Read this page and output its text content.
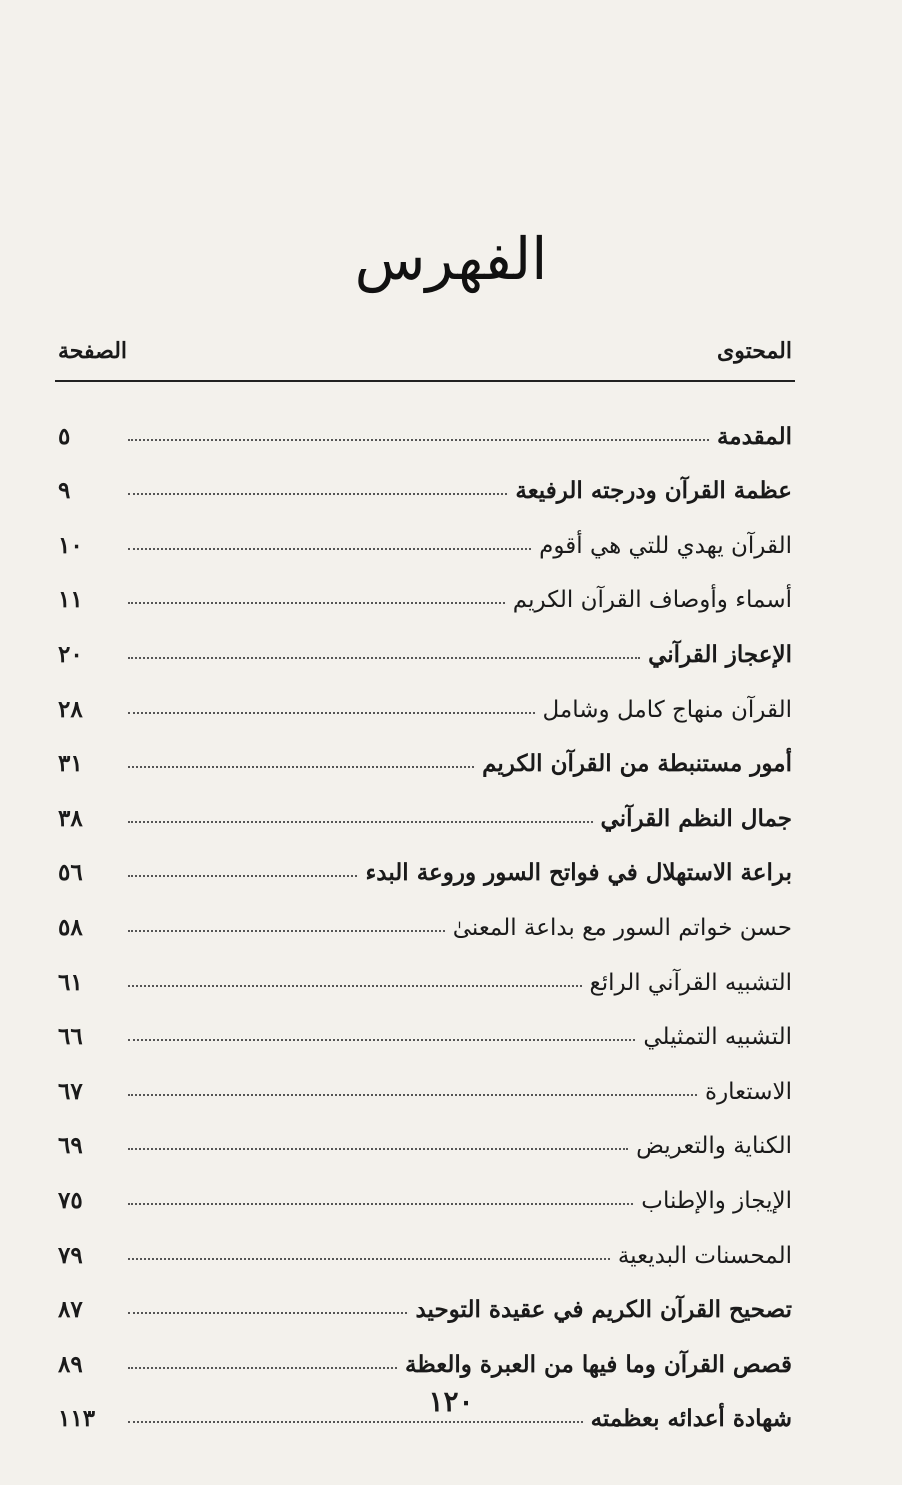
الفهرس
المحتوى
الصفحة
المقدمة
٥
عظمة القرآن ودرجته الرفيعة
٩
القرآن يهدي للتي هي أقوم
١٠
أسماء وأوصاف القرآن الكريم
١١
الإعجاز القرآني
٢٠
القرآن منهاج كامل وشامل
٢٨
أمور مستنبطة من القرآن الكريم
٣١
جمال النظم القرآني
٣٨
براعة الاستهلال في فواتح السور وروعة البدء
٥٦
حسن خواتم السور مع بداعة المعنىٰ
٥٨
التشبيه القرآني الرائع
٦١
التشبيه التمثيلي
٦٦
الاستعارة
٦٧
الكناية والتعريض
٦٩
الإيجاز والإطناب
٧٥
المحسنات البديعية
٧٩
تصحيح القرآن الكريم في عقيدة التوحيد
٨٧
قصص القرآن وما فيها من العبرة والعظة
٨٩
شهادة أعدائه بعظمته
١١٣
١٢٠
